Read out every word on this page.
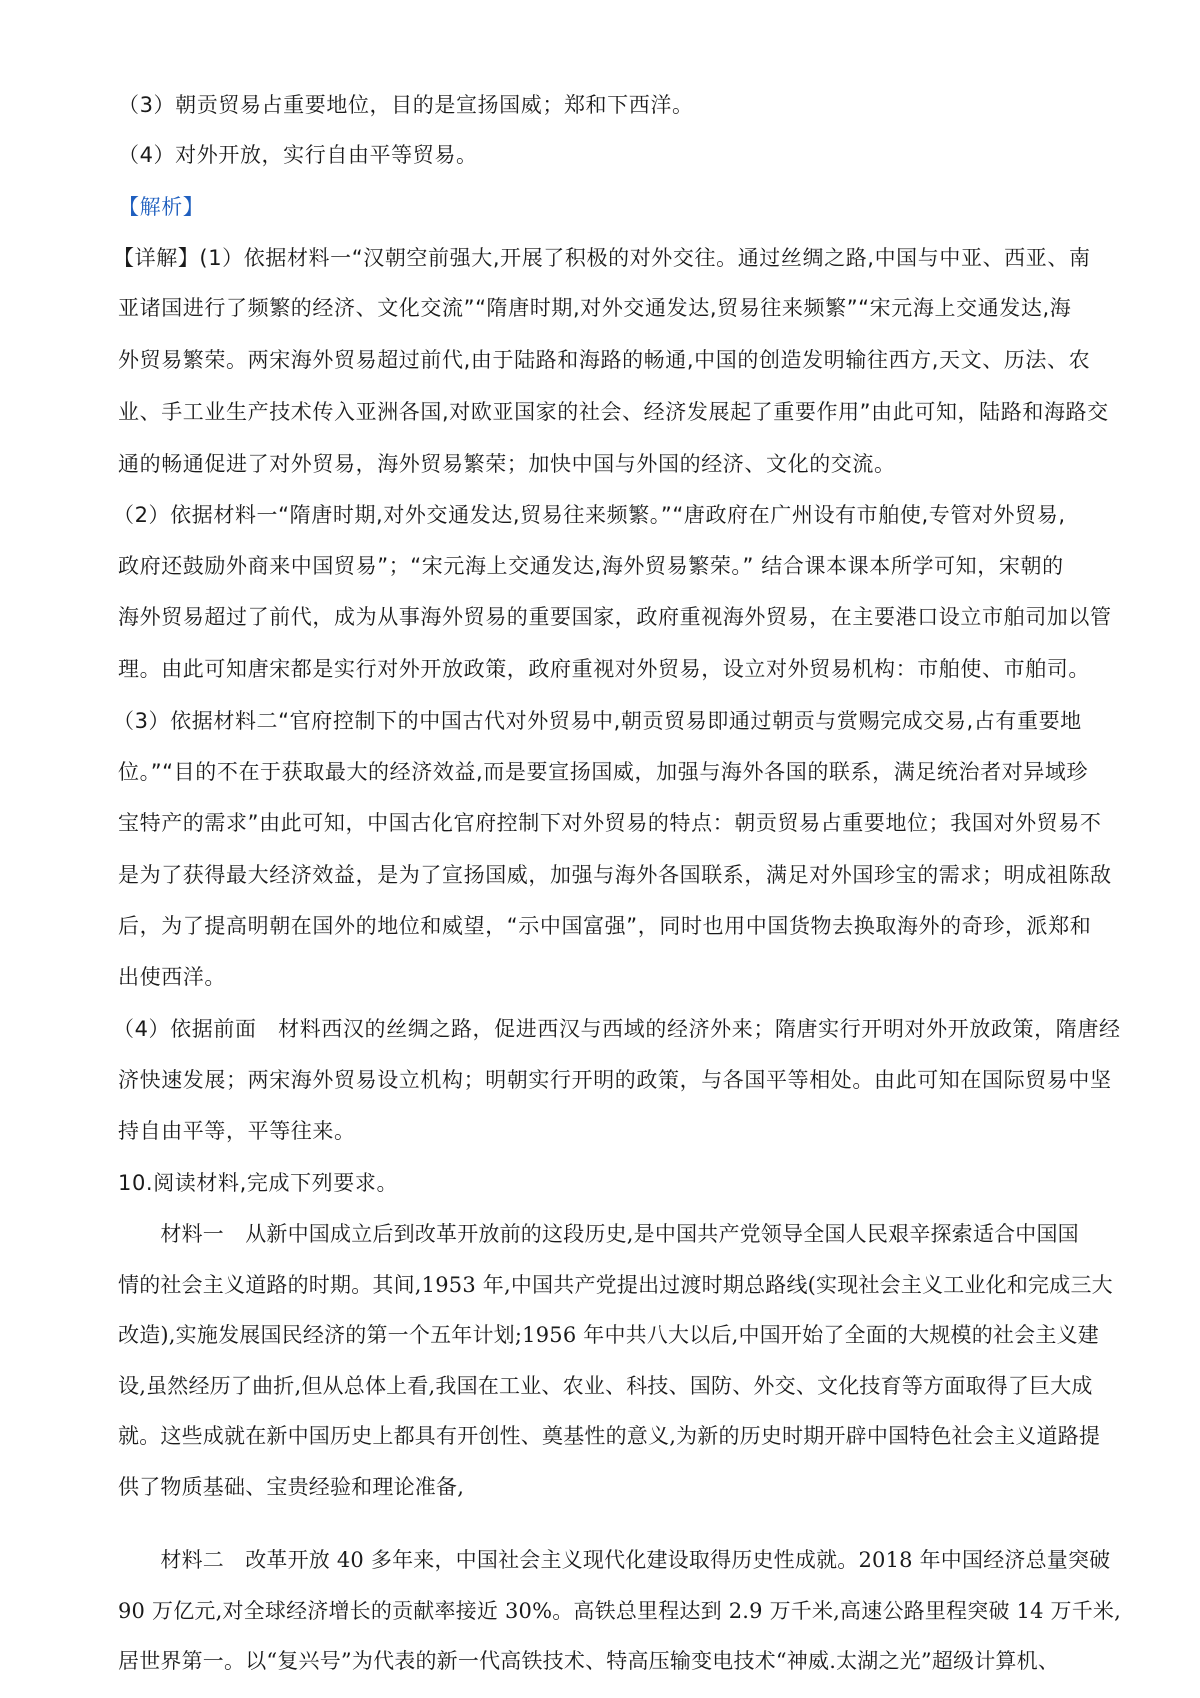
（3）朝贡贸易占重要地位，目的是宣扬国威；郑和下西洋。
（4）对外开放，实行自由平等贸易。
【解析】
【详解】(1）依据材料一“汉朝空前强大,开展了积极的对外交往。通过丝绸之路,中国与中亚、西亚、南
亚诸国进行了频繁的经济、文化交流”“隋唐时期,对外交通发达,贸易往来频繁”“宋元海上交通发达,海
外贸易繁荣。两宋海外贸易超过前代,由于陆路和海路的畅通,中国的创造发明输往西方,天文、历法、农
业、手工业生产技术传入亚洲各国,对欧亚国家的社会、经济发展起了重要作用”由此可知，陆路和海路交
通的畅通促进了对外贸易，海外贸易繁荣；加快中国与外国的经济、文化的交流。
（2）依据材料一“隋唐时期,对外交通发达,贸易往来频繁。”“唐政府在广州设有市舶使,专管对外贸易,
政府还鼓励外商来中国贸易”；“宋元海上交通发达,海外贸易繁荣。” 结合课本课本所学可知，宋朝的
海外贸易超过了前代，成为从事海外贸易的重要国家，政府重视海外贸易，在主要港口设立市舶司加以管
理。由此可知唐宋都是实行对外开放政策，政府重视对外贸易，设立对外贸易机构：市舶使、市舶司。
（3）依据材料二“官府控制下的中国古代对外贸易中,朝贡贸易即通过朝贡与赏赐完成交易,占有重要地
位。”“目的不在于获取最大的经济效益,而是要宣扬国威，加强与海外各国的联系，满足统治者对异域珍
宝特产的需求”由此可知，中国古化官府控制下对外贸易的特点：朝贡贸易占重要地位；我国对外贸易不
是为了获得最大经济效益，是为了宣扬国威，加强与海外各国联系，满足对外国珍宝的需求；明成祖陈敌
后，为了提高明朝在国外的地位和威望，“示中国富强”，同时也用中国货物去换取海外的奇珍，派郑和
出使西洋。
（4）依据前面　材料西汉的丝绸之路，促进西汉与西域的经济外来；隋唐实行开明对外开放政策，隋唐经
济快速发展；两宋海外贸易设立机构；明朝实行开明的政策，与各国平等相处。由此可知在国际贸易中坚
持自由平等，平等往来。
10.阅读材料,完成下列要求。
　　材料一　从新中国成立后到改革开放前的这段历史,是中国共产党领导全国人民艰辛探索适合中国国
情的社会主义道路的时期。其间,1953 年,中国共产党提出过渡时期总路线(实现社会主义工业化和完成三大
改造),实施发展国民经济的第一个五年计划;1956 年中共八大以后,中国开始了全面的大规模的社会主义建
设,虽然经历了曲折,但从总体上看,我国在工业、农业、科技、国防、外交、文化技育等方面取得了巨大成
就。这些成就在新中国历史上都具有开创性、奠基性的意义,为新的历史时期开辟中国特色社会主义道路提
供了物质基础、宝贵经验和理论准备,
　　材料二　改革开放 40 多年来，中国社会主义现代化建设取得历史性成就。2018 年中国经济总量突破
90 万亿元,对全球经济增长的贡献率接近 30%。高铁总里程达到 2.9 万千米,高速公路里程突破 14 万千米,
居世界第一。以“复兴号”为代表的新一代高铁技术、特高压输变电技术“神威.太湖之光”超级计算机、
